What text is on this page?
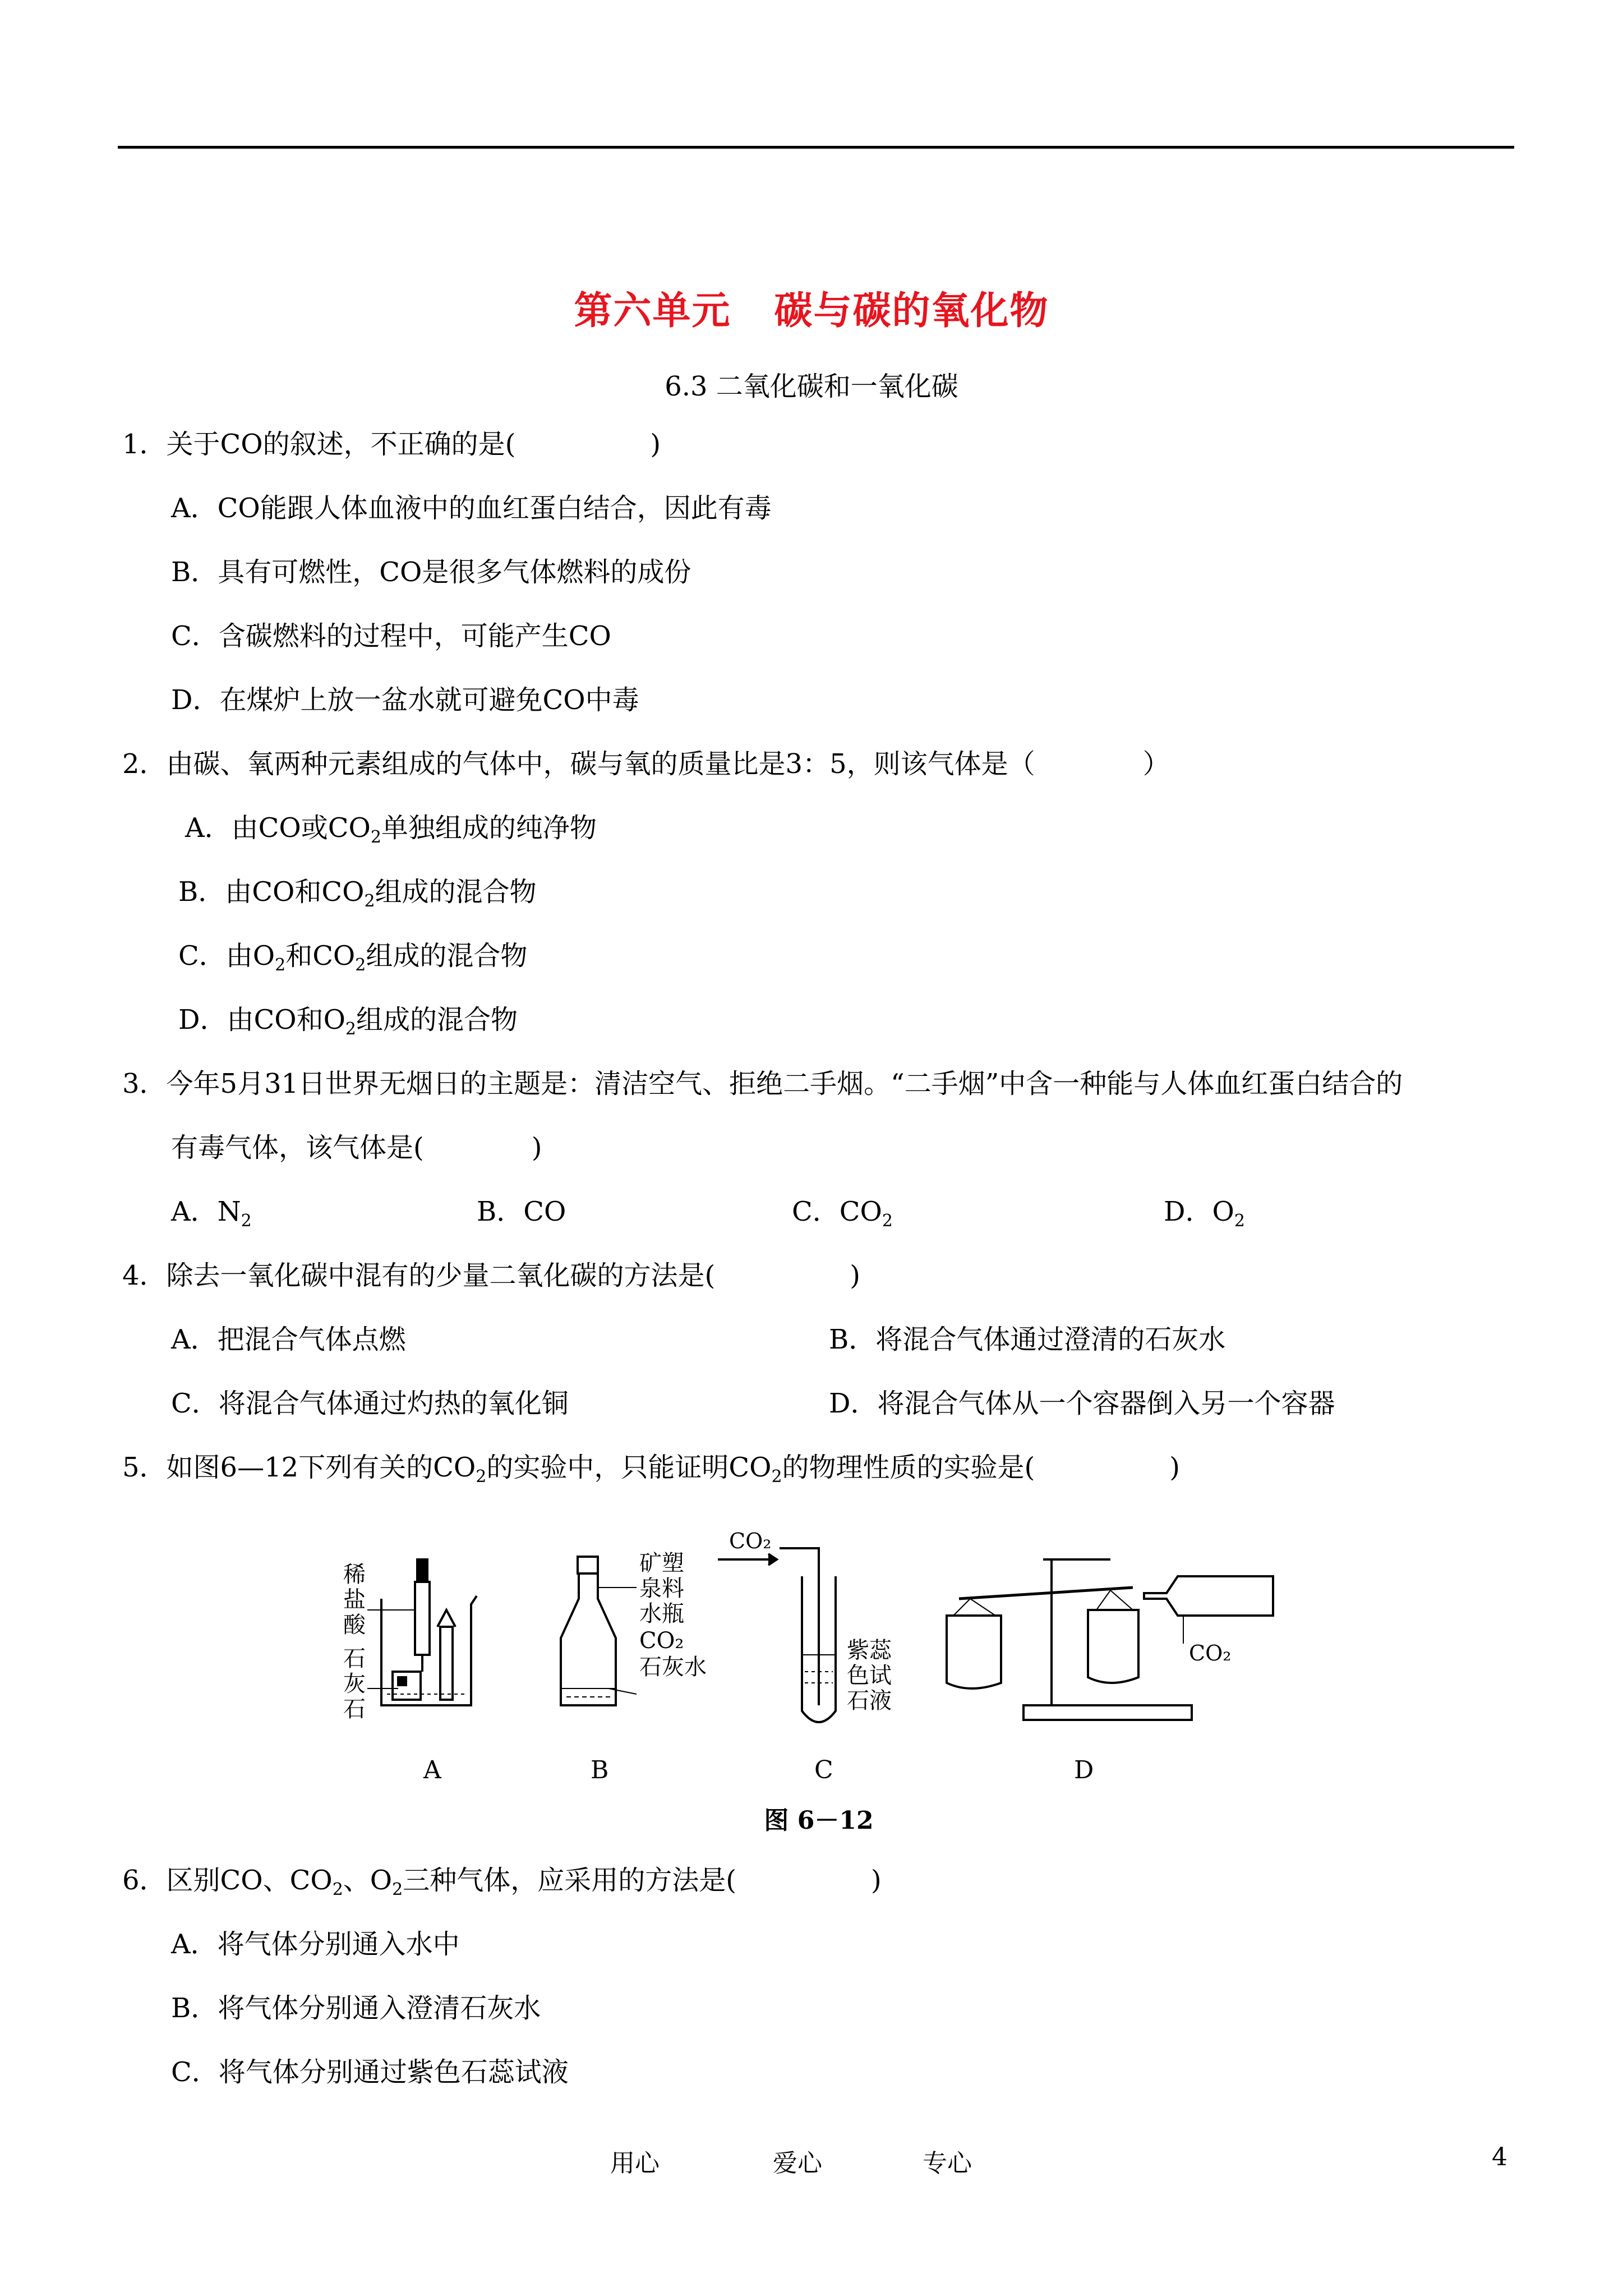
第六单元   碳与碳的氧化物
6.3 二氧化碳和一氧化碳
1．关于CO的叙述，不正确的是(　　　　　)
A．CO能跟人体血液中的血红蛋白结合，因此有毒
B．具有可燃性，CO是很多气体燃料的成份
C．含碳燃料的过程中，可能产生CO
D．在煤炉上放一盆水就可避免CO中毒
2．由碳、氧两种元素组成的气体中，碳与氧的质量比是3：5，则该气体是（　　　　）
A．由CO或$CO_2$单独组成的纯净物
B．由CO和$CO_2$组成的混合物
C．由$O_2$和$CO_2$组成的混合物
D．由CO和$O_2$组成的混合物
3．今年5月31日世界无烟日的主题是：清洁空气、拒绝二手烟。“二手烟”中含一种能与人体血红蛋白结合的
有毒气体，该气体是(　　　　)
A．$N_2$	B．CO	C．$CO_2$	D．$O_2$
4．除去一氧化碳中混有的少量二氧化碳的方法是(　　　　　)
A．把混合气体点燃	B．将混合气体通过澄清的石灰水
C．将混合气体通过灼热的氧化铜	D．将混合气体从一个容器倒入另一个容器
5．如图6—12下列有关的$CO_2$的实验中，只能证明$CO_2$的物理性质的实验是(　　　　　)
稀
盐
酸
石
灰
石
A
矿塑
泉料
水瓶
CO₂
石灰水
B
CO₂
紫蕊
色试
石液
C
CO₂
D
图 6－12
6．区别CO、$CO_2$、$O_2$三种气体，应采用的方法是(　　　　　)
A．将气体分别通入水中
B．将气体分别通入澄清石灰水
C．将气体分别通过紫色石蕊试液
用心	爱心	专心	4
